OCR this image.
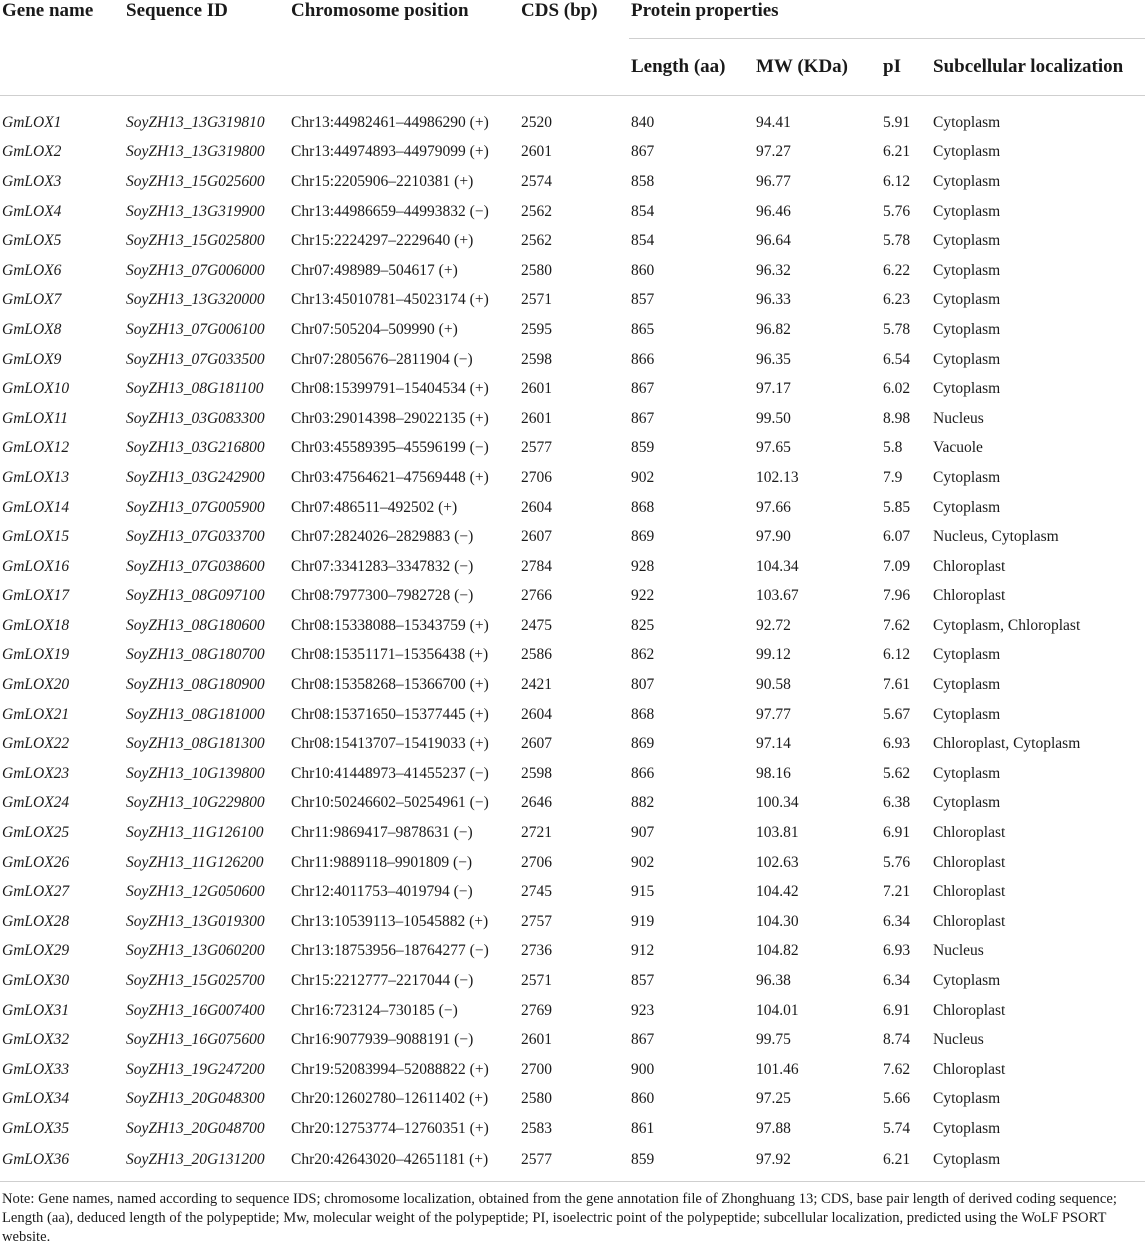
Gene name	Sequence ID	Chromosome position	CDS (bp)	Protein properties			
				Length (aa)	MW (KDa)	pI	Subcellular localization

GmLOX1	SoyZH13_13G319810	Chr13:44982461–44986290 (+)	2520	840	94.41	5.91	Cytoplasm
GmLOX2	SoyZH13_13G319800	Chr13:44974893–44979099 (+)	2601	867	97.27	6.21	Cytoplasm
GmLOX3	SoyZH13_15G025600	Chr15:2205906–2210381 (+)	2574	858	96.77	6.12	Cytoplasm
GmLOX4	SoyZH13_13G319900	Chr13:44986659–44993832 (−)	2562	854	96.46	5.76	Cytoplasm
GmLOX5	SoyZH13_15G025800	Chr15:2224297–2229640 (+)	2562	854	96.64	5.78	Cytoplasm
GmLOX6	SoyZH13_07G006000	Chr07:498989–504617 (+)	2580	860	96.32	6.22	Cytoplasm
GmLOX7	SoyZH13_13G320000	Chr13:45010781–45023174 (+)	2571	857	96.33	6.23	Cytoplasm
GmLOX8	SoyZH13_07G006100	Chr07:505204–509990 (+)	2595	865	96.82	5.78	Cytoplasm
GmLOX9	SoyZH13_07G033500	Chr07:2805676–2811904 (−)	2598	866	96.35	6.54	Cytoplasm
GmLOX10	SoyZH13_08G181100	Chr08:15399791–15404534 (+)	2601	867	97.17	6.02	Cytoplasm
GmLOX11	SoyZH13_03G083300	Chr03:29014398–29022135 (+)	2601	867	99.50	8.98	Nucleus
GmLOX12	SoyZH13_03G216800	Chr03:45589395–45596199 (−)	2577	859	97.65	5.8	Vacuole
GmLOX13	SoyZH13_03G242900	Chr03:47564621–47569448 (+)	2706	902	102.13	7.9	Cytoplasm
GmLOX14	SoyZH13_07G005900	Chr07:486511–492502 (+)	2604	868	97.66	5.85	Cytoplasm
GmLOX15	SoyZH13_07G033700	Chr07:2824026–2829883 (−)	2607	869	97.90	6.07	Nucleus, Cytoplasm
GmLOX16	SoyZH13_07G038600	Chr07:3341283–3347832 (−)	2784	928	104.34	7.09	Chloroplast
GmLOX17	SoyZH13_08G097100	Chr08:7977300–7982728 (−)	2766	922	103.67	7.96	Chloroplast
GmLOX18	SoyZH13_08G180600	Chr08:15338088–15343759 (+)	2475	825	92.72	7.62	Cytoplasm, Chloroplast
GmLOX19	SoyZH13_08G180700	Chr08:15351171–15356438 (+)	2586	862	99.12	6.12	Cytoplasm
GmLOX20	SoyZH13_08G180900	Chr08:15358268–15366700 (+)	2421	807	90.58	7.61	Cytoplasm
GmLOX21	SoyZH13_08G181000	Chr08:15371650–15377445 (+)	2604	868	97.77	5.67	Cytoplasm
GmLOX22	SoyZH13_08G181300	Chr08:15413707–15419033 (+)	2607	869	97.14	6.93	Chloroplast, Cytoplasm
GmLOX23	SoyZH13_10G139800	Chr10:41448973–41455237 (−)	2598	866	98.16	5.62	Cytoplasm
GmLOX24	SoyZH13_10G229800	Chr10:50246602–50254961 (−)	2646	882	100.34	6.38	Cytoplasm
GmLOX25	SoyZH13_11G126100	Chr11:9869417–9878631 (−)	2721	907	103.81	6.91	Chloroplast
GmLOX26	SoyZH13_11G126200	Chr11:9889118–9901809 (−)	2706	902	102.63	5.76	Chloroplast
GmLOX27	SoyZH13_12G050600	Chr12:4011753–4019794 (−)	2745	915	104.42	7.21	Chloroplast
GmLOX28	SoyZH13_13G019300	Chr13:10539113–10545882 (+)	2757	919	104.30	6.34	Chloroplast
GmLOX29	SoyZH13_13G060200	Chr13:18753956–18764277 (−)	2736	912	104.82	6.93	Nucleus
GmLOX30	SoyZH13_15G025700	Chr15:2212777–2217044 (−)	2571	857	96.38	6.34	Cytoplasm
GmLOX31	SoyZH13_16G007400	Chr16:723124–730185 (−)	2769	923	104.01	6.91	Chloroplast
GmLOX32	SoyZH13_16G075600	Chr16:9077939–9088191 (−)	2601	867	99.75	8.74	Nucleus
GmLOX33	SoyZH13_19G247200	Chr19:52083994–52088822 (+)	2700	900	101.46	7.62	Chloroplast
GmLOX34	SoyZH13_20G048300	Chr20:12602780–12611402 (+)	2580	860	97.25	5.66	Cytoplasm
GmLOX35	SoyZH13_20G048700	Chr20:12753774–12760351 (+)	2583	861	97.88	5.74	Cytoplasm
GmLOX36	SoyZH13_20G131200	Chr20:42643020–42651181 (+)	2577	859	97.92	6.21	Cytoplasm
Note: Gene names, named according to sequence IDS; chromosome localization, obtained from the gene annotation file of Zhonghuang 13; CDS, base pair length of derived coding sequence; Length (aa), deduced length of the polypeptide; Mw, molecular weight of the polypeptide; PI, isoelectric point of the polypeptide; subcellular localization, predicted using the WoLF PSORT website.
